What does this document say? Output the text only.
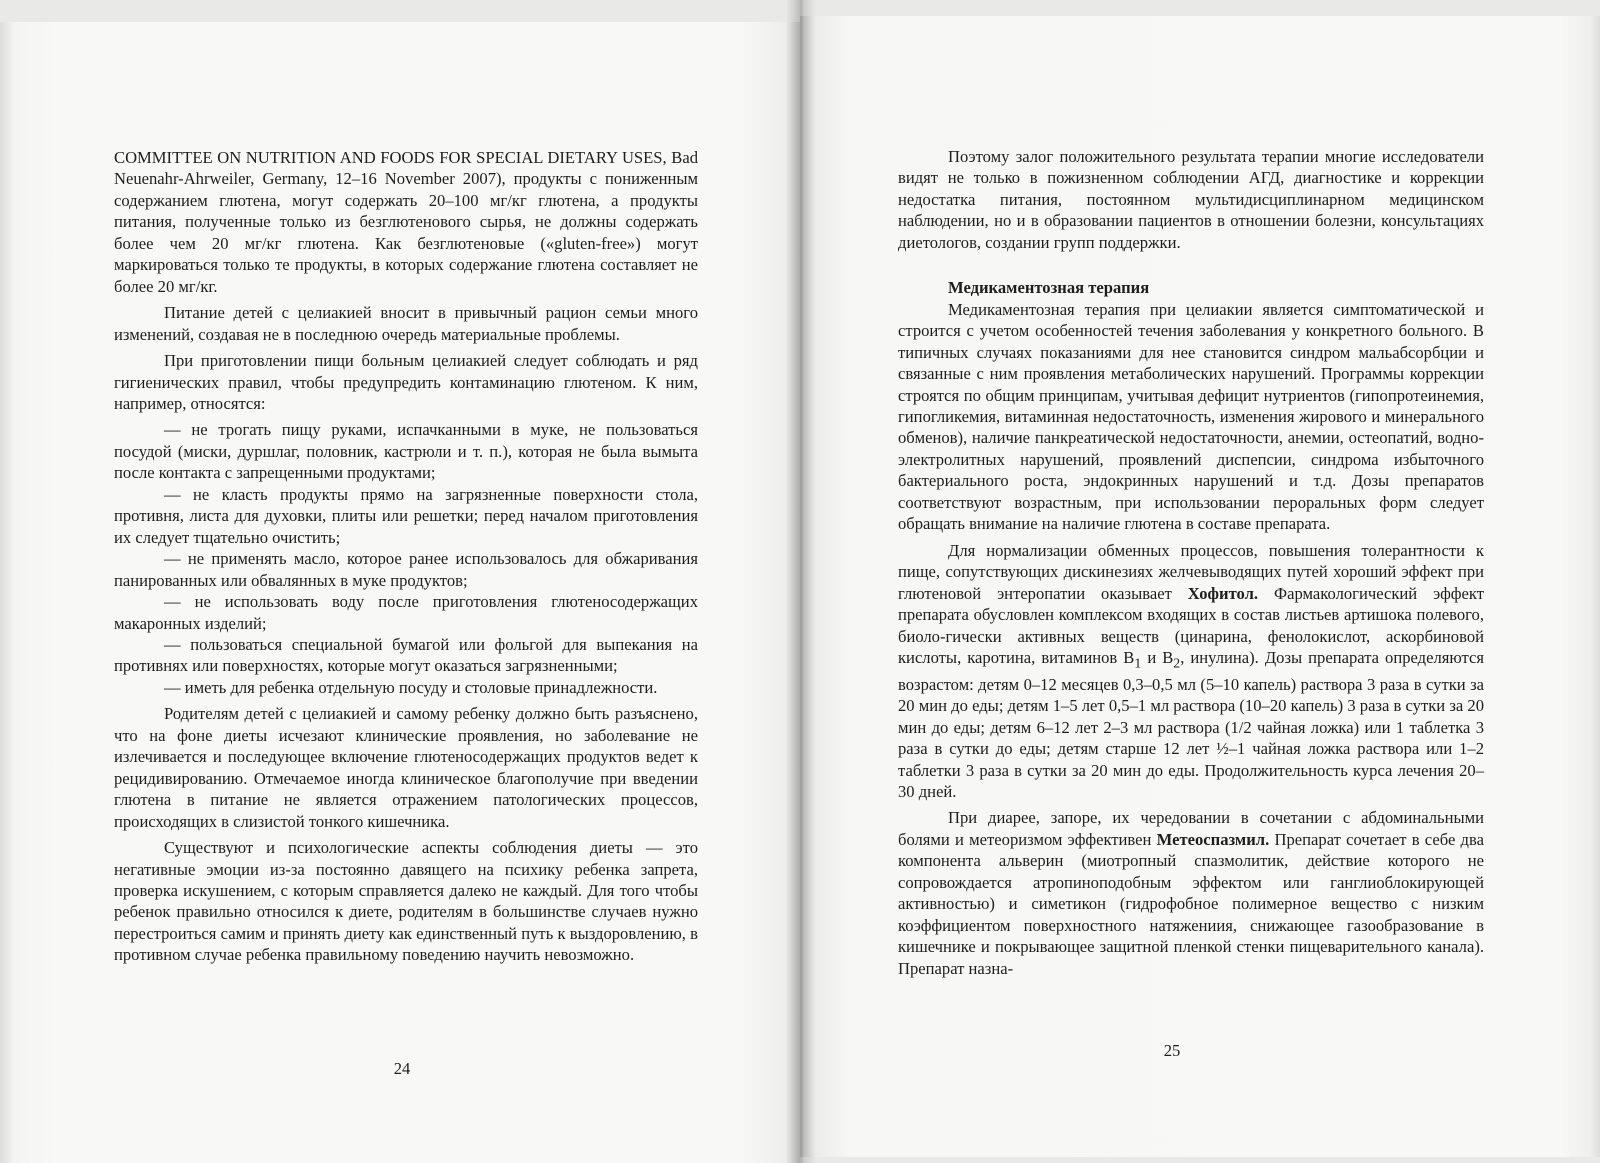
COMMITTEE ON NUTRITION AND FOODS FOR SPECIAL DIETARY USES, Bad Neuenahr-Ahrweiler, Germany, 12–16 November 2007), продукты с пониженным содержанием глютена, могут содержать 20–100 мг/кг глютена, а продукты питания, полученные только из безглютенового сырья, не должны содержать более чем 20 мг/кг глютена. Как безглютеновые («gluten-free») могут маркироваться только те продукты, в которых содержание глютена составляет не более 20 мг/кг.

Питание детей с целиакией вносит в привычный рацион семьи много изменений, создавая не в последнюю очередь материальные проблемы.

При приготовлении пищи больным целиакией следует соблюдать и ряд гигиенических правил, чтобы предупредить контаминацию глютеном. К ним, например, относятся:

— не трогать пищу руками, испачканными в муке, не пользоваться посудой (миски, дуршлаг, половник, кастрюли и т. п.), которая не была вымыта после контакта с запрещенными продуктами;

— не класть продукты прямо на загрязненные поверхности стола, противня, листа для духовки, плиты или решетки; перед началом приготовления их следует тщательно очистить;

— не применять масло, которое ранее использовалось для обжаривания панированных или обвалянных в муке продуктов;

— не использовать воду после приготовления глютеносодержащих макаронных изделий;

— пользоваться специальной бумагой или фольгой для выпекания на противнях или поверхностях, которые могут оказаться загрязненными;

— иметь для ребенка отдельную посуду и столовые принадлежности.

Родителям детей с целиакией и самому ребенку должно быть разъяснено, что на фоне диеты исчезают клинические проявления, но заболевание не излечивается и последующее включение глютеносодержащих продуктов ведет к рецидивированию. Отмечаемое иногда клиническое благополучие при введении глютена в питание не является отражением патологических процессов, происходящих в слизистой тонкого кишечника.

Существуют и психологические аспекты соблюдения диеты — это негативные эмоции из-за постоянно давящего на психику ребенка запрета, проверка искушением, с которым справляется далеко не каждый. Для того чтобы ребенок правильно относился к диете, родителям в большинстве случаев нужно перестроиться самим и принять диету как единственный путь к выздоровлению, в противном случае ребенка правильному поведению научить невозможно.

24

Поэтому залог положительного результата терапии многие исследователи видят не только в пожизненном соблюдении АГД, диагностике и коррекции недостатка питания, постоянном мультидисциплинарном медицинском наблюдении, но и в образовании пациентов в отношении болезни, консультациях диетологов, создании групп поддержки.

Медикаментозная терапия

Медикаментозная терапия при целиакии является симптоматической и строится с учетом особенностей течения заболевания у конкретного больного. В типичных случаях показаниями для нее становится синдром мальабсорбции и связанные с ним проявления метаболических нарушений. Программы коррекции строятся по общим принципам, учитывая дефицит нутриентов (гипопротеинемия, гипогликемия, витаминная недостаточность, изменения жирового и минерального обменов), наличие панкреатической недостаточности, анемии, остеопатий, водно-электролитных нарушений, проявлений диспепсии, синдрома избыточного бактериального роста, эндокринных нарушений и т.д. Дозы препаратов соответствуют возрастным, при использовании пероральных форм следует обращать внимание на наличие глютена в составе препарата.

Для нормализации обменных процессов, повышения толерантности к пище, сопутствующих дискинезиях желчевыводящих путей хороший эффект при глютеновой энтеропатии оказывает Хофитол. Фармакологический эффект препарата обусловлен комплексом входящих в состав листьев артишока полевого, биоло-гически активных веществ (цинарина, фенолокислот, аскорбиновой кислоты, каротина, витаминов $B_1$ и $B_2$, инулина). Дозы препарата определяются возрастом: детям 0–12 месяцев 0,3–0,5 мл (5–10 капель) раствора 3 раза в сутки за 20 мин до еды; детям 1–5 лет 0,5–1 мл раствора (10–20 капель) 3 раза в сутки за 20 мин до еды; детям 6–12 лет 2–3 мл раствора (1/2 чайная ложка) или 1 таблетка 3 раза в сутки до еды; детям старше 12 лет ½–1 чайная ложка раствора или 1–2 таблетки 3 раза в сутки за 20 мин до еды. Продолжительность курса лечения 20–30 дней.

При диарее, запоре, их чередовании в сочетании с абдоминальными болями и метеоризмом эффективен Метеоспазмил. Препарат сочетает в себе два компонента альверин (миотропный спазмолитик, действие которого не сопровождается атропиноподобным эффектом или ганглиоблокирующей активностью) и симетикон (гидрофобное полимерное вещество с низким коэффициентом поверхностного натяжениия, снижающее газообразование в кишечнике и покрывающее защитной пленкой стенки пищеварительного канала). Препарат назна-

25
